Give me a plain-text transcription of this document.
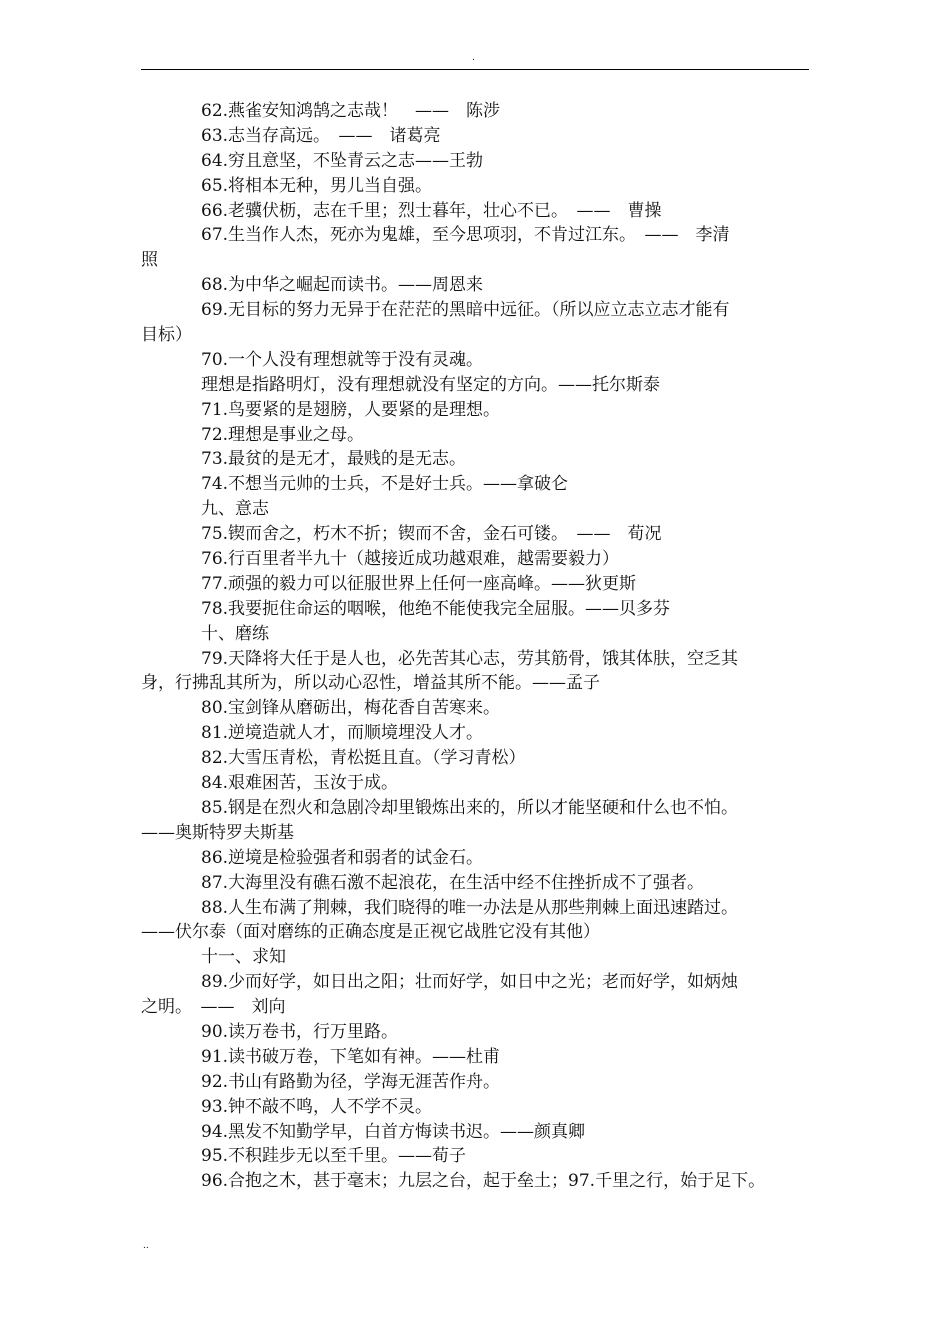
.
62.燕雀安知鸿鹄之志哉！　——　陈涉
63.志当存高远。　——　诸葛亮
64.穷且意坚，不坠青云之志——王勃
65.将相本无种，男儿当自强。
66.老骥伏枥，志在千里；烈士暮年，壮心不已。　——　曹操
67.生当作人杰，死亦为鬼雄，至今思项羽，不肯过江东。　——　李清
照
68.为中华之崛起而读书。——周恩来
69.无目标的努力无异于在茫茫的黑暗中远征。（所以应立志立志才能有
目标）
70.一个人没有理想就等于没有灵魂。
理想是指路明灯，没有理想就没有坚定的方向。——托尔斯泰
71.鸟要紧的是翅膀，人要紧的是理想。
72.理想是事业之母。
73.最贫的是无才，最贱的是无志。
74.不想当元帅的士兵，不是好士兵。——拿破仑
九、意志
75.锲而舍之，朽木不折；锲而不舍，金石可镂。　——　荀况
76.行百里者半九十（越接近成功越艰难，越需要毅力）
77.顽强的毅力可以征服世界上任何一座高峰。——狄更斯
78.我要扼住命运的咽喉，他绝不能使我完全屈服。——贝多芬
十、磨练
79.天降将大任于是人也，必先苦其心志，劳其筋骨，饿其体肤，空乏其
身，行拂乱其所为，所以动心忍性，增益其所不能。——孟子
80.宝剑锋从磨砺出，梅花香自苦寒来。
81.逆境造就人才，而顺境埋没人才。
82.大雪压青松，青松挺且直。（学习青松）
84.艰难困苦，玉汝于成。
85.钢是在烈火和急剧冷却里锻炼出来的，所以才能坚硬和什么也不怕。
——奥斯特罗夫斯基
86.逆境是检验强者和弱者的试金石。
87.大海里没有礁石激不起浪花，在生活中经不住挫折成不了强者。
88.人生布满了荆棘，我们晓得的唯一办法是从那些荆棘上面迅速踏过。
——伏尔泰（面对磨练的正确态度是正视它战胜它没有其他）
十一、求知
89.少而好学，如日出之阳；壮而好学，如日中之光；老而好学，如炳烛
之明。　——　刘向
90.读万卷书，行万里路。
91.读书破万卷，下笔如有神。——杜甫
92.书山有路勤为径，学海无涯苦作舟。
93.钟不敲不鸣，人不学不灵。
94.黑发不知勤学早，白首方悔读书迟。——颜真卿
95.不积跬步无以至千里。——荀子
96.合抱之木，甚于毫末；九层之台，起于垒土；97.千里之行，始于足下。
..
